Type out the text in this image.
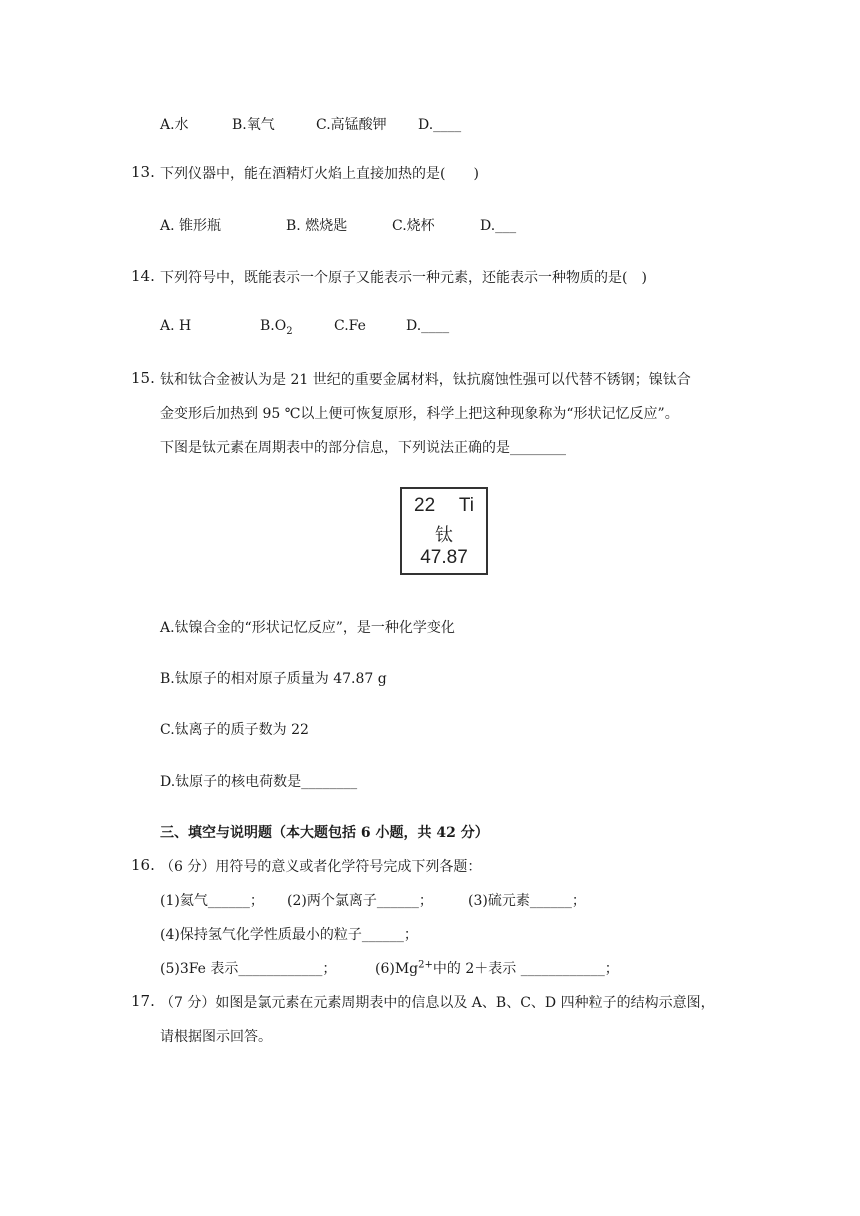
A.水	B.氧气	C.高锰酸钾 D.____
13. 下列仪器中，能在酒精灯火焰上直接加热的是(　　)
A. 锥形瓶	B. 燃烧匙	C.烧杯	D.___
14. 下列符号中，既能表示一个原子又能表示一种元素，还能表示一种物质的是(　)
A. H	$B.O_2$	C.Fe	D.____
15. 钛和钛合金被认为是 21 世纪的重要金属材料，钛抗腐蚀性强可以代替不锈钢；镍钛合
金变形后加热到 95 ℃以上便可恢复原形，科学上把这种现象称为“形状记忆反应”。
下图是钛元素在周期表中的部分信息，下列说法正确的是________
22 Ti
钛
47.87
A.钛镍合金的“形状记忆反应”，是一种化学变化
B.钛原子的相对原子质量为 47.87 g
C.钛离子的质子数为 22
D.钛原子的核电荷数是________
三、填空与说明题（本大题包括 6 小题，共 42 分）
16. （6 分）用符号的意义或者化学符号完成下列各题：
(1)氦气______； (2)两个氯离子______；	(3)硫元素______；
(4)保持氢气化学性质最小的粒子______；
(5)3Fe 表示____________；	$(6)Mg^{2+}$中的 2＋表示 ____________；
17. （7 分）如图是氯元素在元素周期表中的信息以及 A、B、C、D 四种粒子的结构示意图，
请根据图示回答。
